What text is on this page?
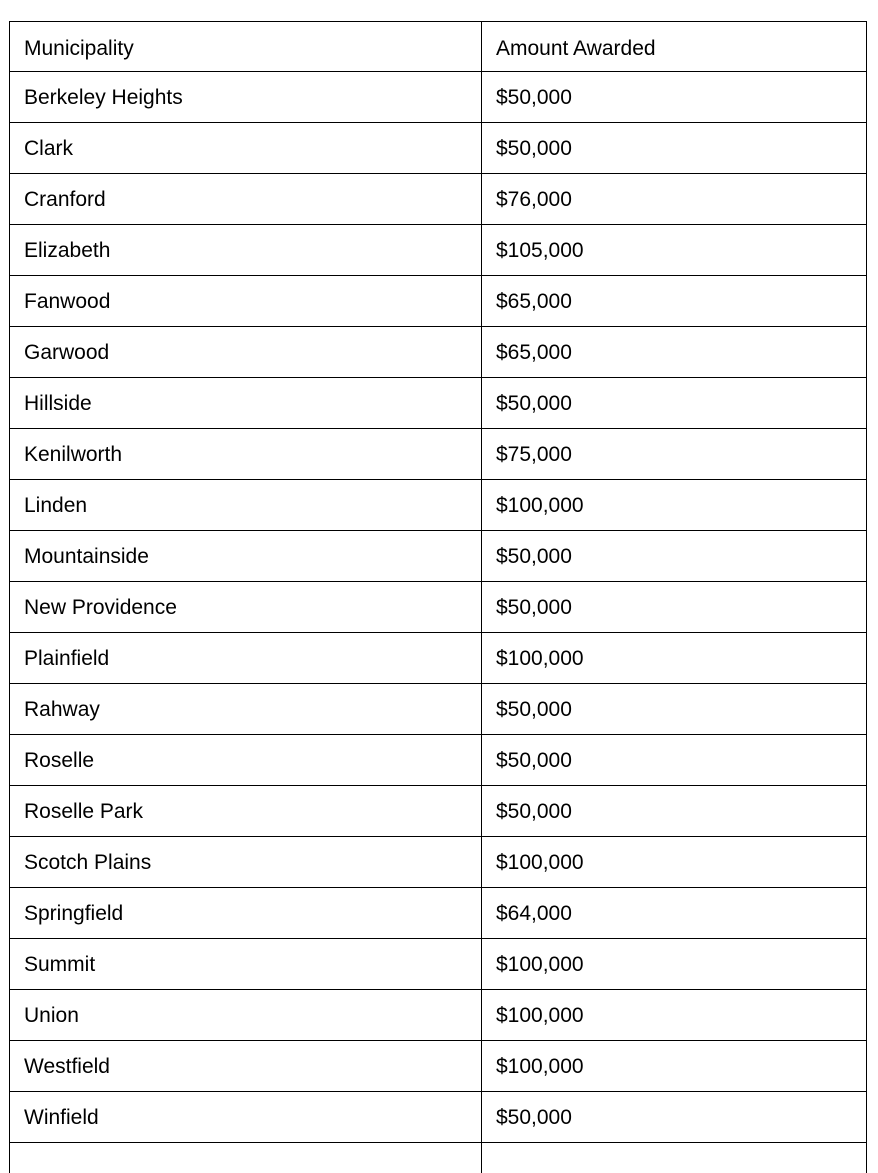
Municipality	Amount Awarded
Berkeley Heights	$50,000
Clark	$50,000
Cranford	$76,000
Elizabeth	$105,000
Fanwood	$65,000
Garwood	$65,000
Hillside	$50,000
Kenilworth	$75,000
Linden	$100,000
Mountainside	$50,000
New Providence	$50,000
Plainfield	$100,000
Rahway	$50,000
Roselle	$50,000
Roselle Park	$50,000
Scotch Plains	$100,000
Springfield	$64,000
Summit	$100,000
Union	$100,000
Westfield	$100,000
Winfield	$50,000
